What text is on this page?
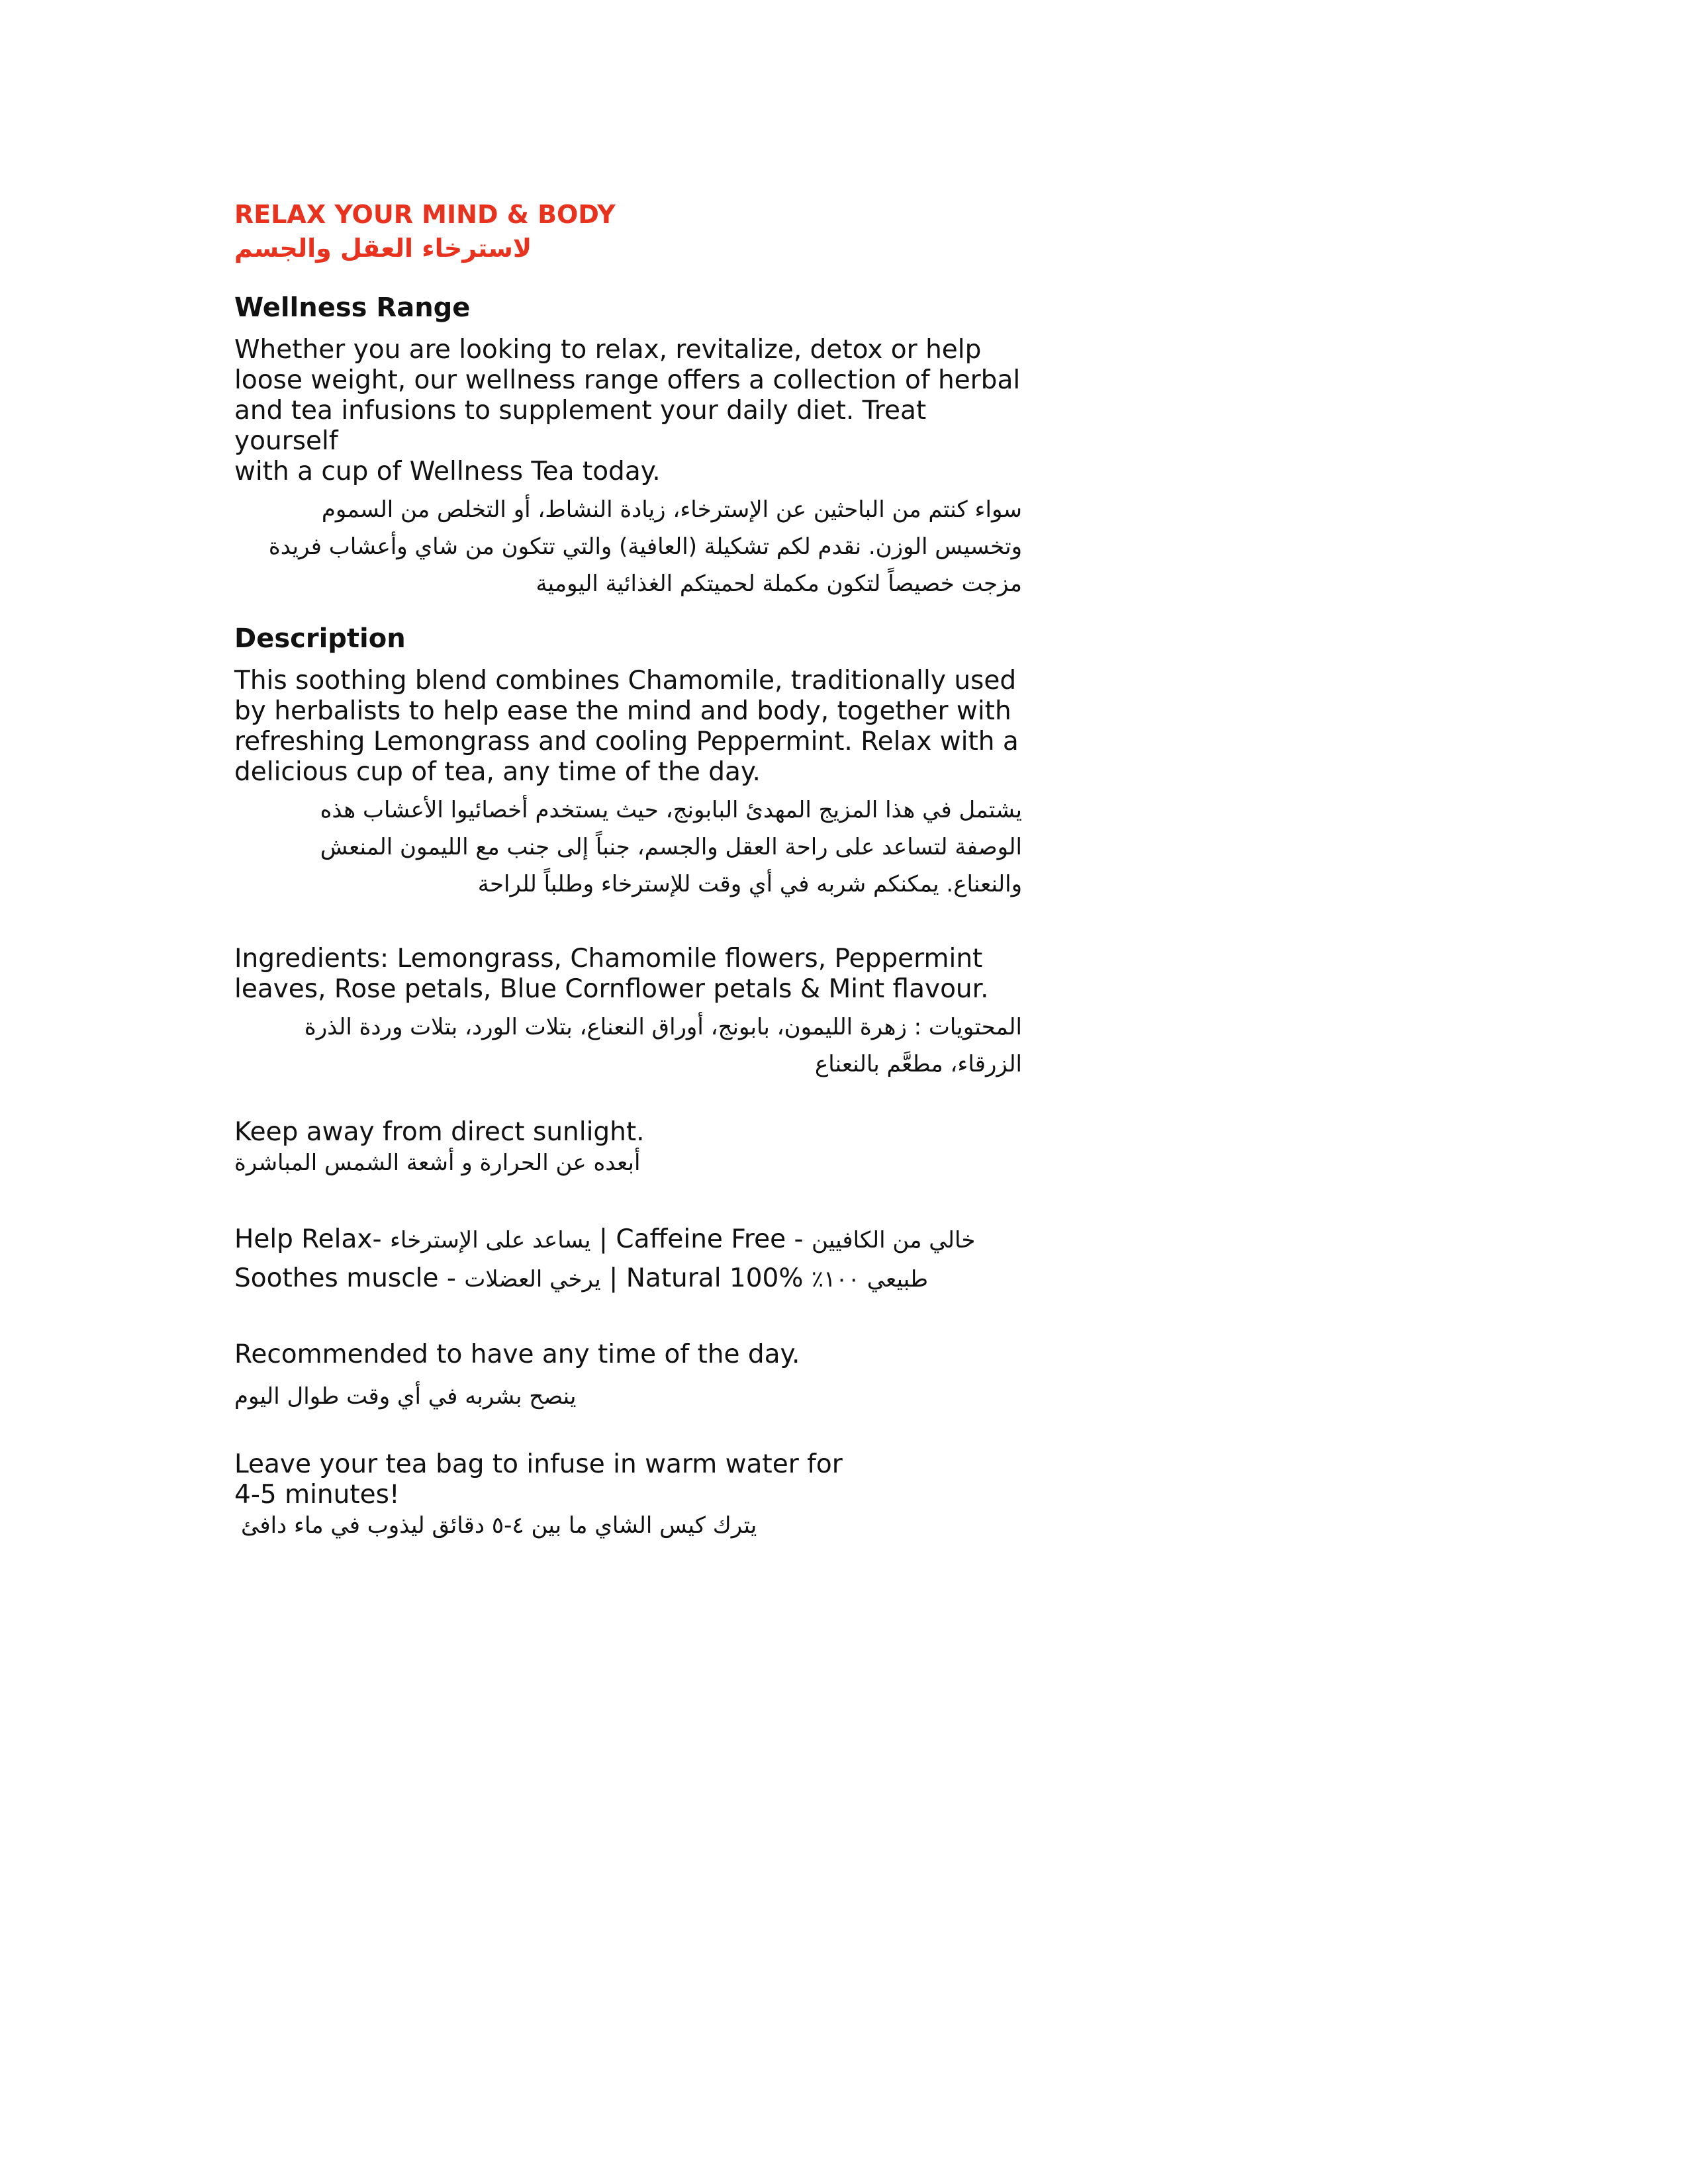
RELAX YOUR MIND & BODY

لاسترخاء العقل والجسم

Wellness Range

Whether you are looking to relax, revitalize, detox or help
loose weight, our wellness range offers a collection of herbal
and tea infusions to supplement your daily diet. Treat yourself
with a cup of Wellness Tea today.

سواء كنتم من الباحثين عن الإسترخاء، زيادة النشاط، أو التخلص من السموم
وتخسيس الوزن. نقدم لكم تشكيلة (العافية) والتي تتكون من شاي وأعشاب فريدة
مزجت خصيصاً لتكون مكملة لحميتكم الغذائية اليومية

Description

This soothing blend combines Chamomile, traditionally used
by herbalists to help ease the mind and body, together with
refreshing Lemongrass and cooling Peppermint. Relax with a
delicious cup of tea, any time of the day.

يشتمل في هذا المزيج المهدئ البابونج، حيث يستخدم أخصائيوا الأعشاب هذه
الوصفة لتساعد على راحة العقل والجسم، جنباً إلى جنب مع الليمون المنعش
والنعناع. يمكنكم شربه في أي وقت للإسترخاء وطلباً للراحة

Ingredients: Lemongrass, Chamomile flowers, Peppermint
leaves, Rose petals, Blue Cornflower petals & Mint flavour.

المحتويات : زهرة الليمون، بابونج، أوراق النعناع، بتلات الورد، بتلات وردة الذرة
الزرقاء، مطعَّم بالنعناع

Keep away from direct sunlight.

أبعده عن الحرارة و أشعة الشمس المباشرة

Help Relax- يساعد على الإسترخاء | Caffeine Free - خالي من الكافيين

Soothes muscle - يرخي العضلات | Natural 100% طبيعي ١٠٠٪

Recommended to have any time of the day.

ينصح بشربه في أي وقت طوال اليوم

Leave your tea bag to infuse in warm water for
4-5 minutes!

يترك كيس الشاي ما بين ٤-٥ دقائق ليذوب في ماء دافئ
